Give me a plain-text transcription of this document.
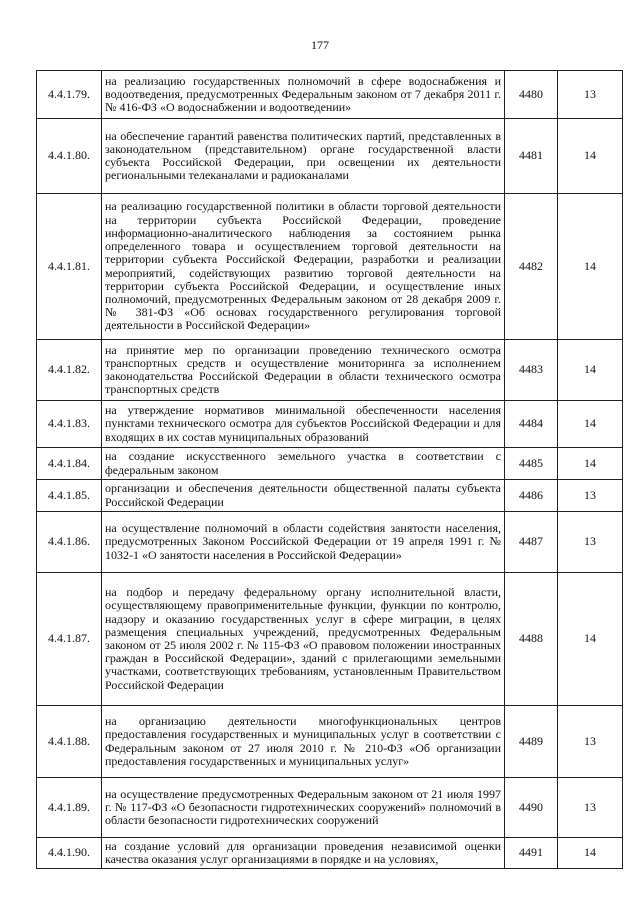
177
4.4.1.79.	на реализацию государственных полномочий в сфере водоснабжения и водоотведения, предусмотренных Федеральным законом от 7 декабря 2011 г. № 416-ФЗ «О водоснабжении и водоотведении»	4480	13
4.4.1.80.	на обеспечение гарантий равенства политических партий, представленных в законодательном (представительном) органе государственной власти субъекта Российской Федерации, при освещении их деятельности региональными телеканалами и радиоканалами	4481	14
4.4.1.81.	на реализацию государственной политики в области торговой деятельности на территории субъекта Российской Федерации, проведение информационно-аналитического наблюдения за состоянием рынка определенного товара и осуществлением торговой деятельности на территории субъекта Российской Федерации, разработки и реализации мероприятий, содействующих развитию торговой деятельности на территории субъекта Российской Федерации, и осуществление иных полномочий, предусмотренных Федеральным законом от 28 декабря 2009 г. № 381-ФЗ «Об основах государственного регулирования торговой деятельности в Российской Федерации»	4482	14
4.4.1.82.	на принятие мер по организации проведению технического осмотра транспортных средств и осуществление мониторинга за исполнением законодательства Российской Федерации в области технического осмотра транспортных средств	4483	14
4.4.1.83.	на утверждение нормативов минимальной обеспеченности населения пунктами технического осмотра для субъектов Российской Федерации и для входящих в их состав муниципальных образований	4484	14
4.4.1.84.	на создание искусственного земельного участка в соответствии с федеральным законом	4485	14
4.4.1.85.	организации и обеспечения деятельности общественной палаты субъекта Российской Федерации	4486	13
4.4.1.86.	на осуществление полномочий в области содействия занятости населения, предусмотренных Законом Российской Федерации от 19 апреля 1991 г. № 1032-1 «О занятости населения в Российской Федерации»	4487	13
4.4.1.87.	на подбор и передачу федеральному органу исполнительной власти, осуществляющему правоприменительные функции, функции по контролю, надзору и оказанию государственных услуг в сфере миграции, в целях размещения специальных учреждений, предусмотренных Федеральным законом от 25 июля 2002 г. № 115-ФЗ «О правовом положении иностранных граждан в Российской Федерации», зданий с прилегающими земельными участками, соответствующих требованиям, установленным Правительством Российской Федерации	4488	14
4.4.1.88.	на организацию деятельности многофункциональных центров предоставления государственных и муниципальных услуг в соответствии с Федеральным законом от 27 июля 2010 г. № 210-ФЗ «Об организации предоставления государственных и муниципальных услуг»	4489	13
4.4.1.89.	на осуществление предусмотренных Федеральным законом от 21 июля 1997 г. № 117-ФЗ «О безопасности гидротехнических сооружений» полномочий в области безопасности гидротехнических сооружений	4490	13
4.4.1.90.	на создание условий для организации проведения независимой оценки качества оказания услуг организациями в порядке и на условиях,	4491	14
